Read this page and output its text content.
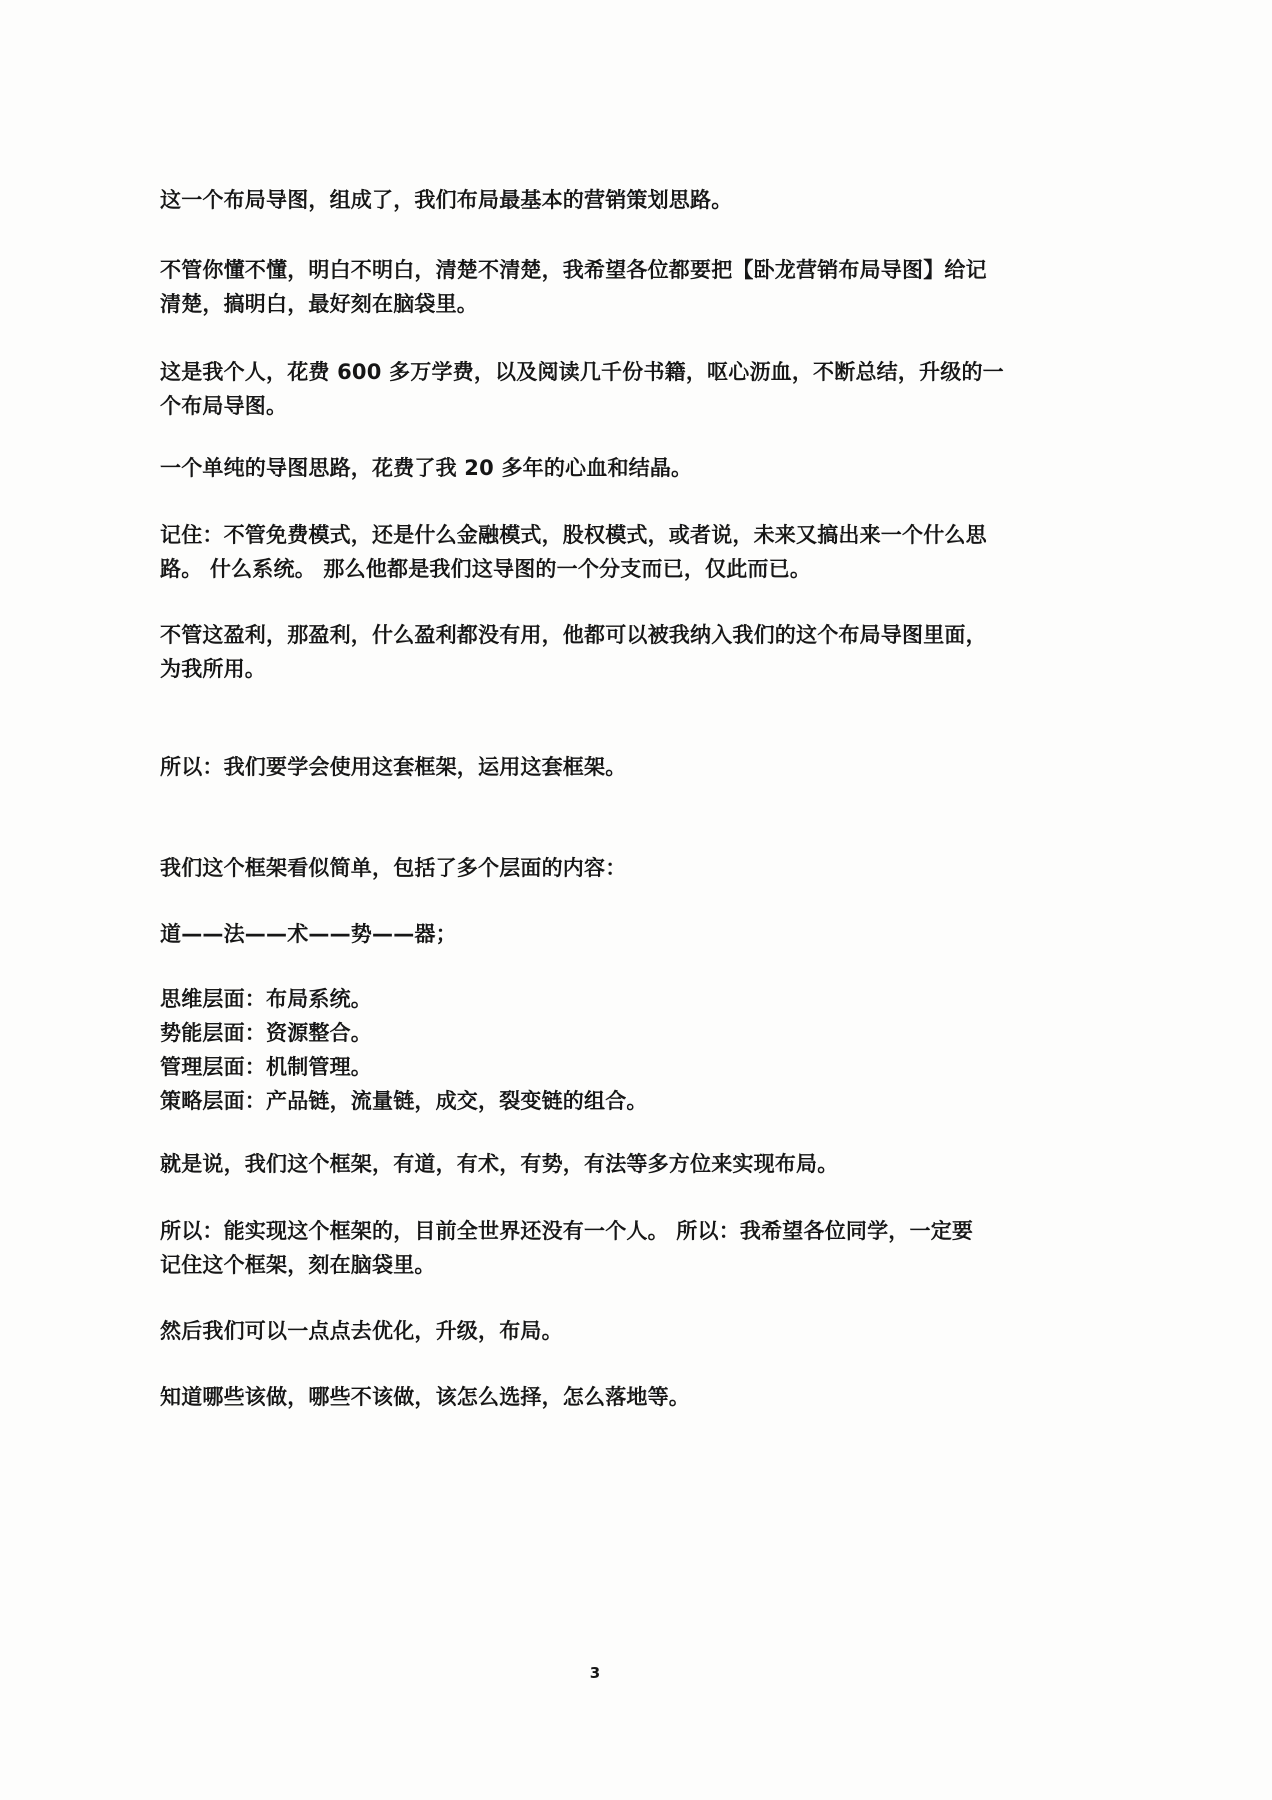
这一个布局导图，组成了，我们布局最基本的营销策划思路。

不管你懂不懂，明白不明白，清楚不清楚，我希望各位都要把【卧龙营销布局导图】给记
清楚，搞明白，最好刻在脑袋里。

这是我个人，花费 600 多万学费，以及阅读几千份书籍，呕心沥血，不断总结，升级的一
个布局导图。

一个单纯的导图思路，花费了我 20 多年的心血和结晶。

记住：不管免费模式，还是什么金融模式，股权模式，或者说，未来又搞出来一个什么思
路。 什么系统。 那么他都是我们这导图的一个分支而已，仅此而已。

不管这盈利，那盈利，什么盈利都没有用，他都可以被我纳入我们的这个布局导图里面，
为我所用。

所以：我们要学会使用这套框架，运用这套框架。

我们这个框架看似简单，包括了多个层面的内容：

道——法——术——势——器；

思维层面：布局系统。
势能层面：资源整合。
管理层面：机制管理。
策略层面：产品链，流量链，成交，裂变链的组合。

就是说，我们这个框架，有道，有术，有势，有法等多方位来实现布局。

所以：能实现这个框架的，目前全世界还没有一个人。 所以：我希望各位同学，一定要
记住这个框架，刻在脑袋里。

然后我们可以一点点去优化，升级，布局。

知道哪些该做，哪些不该做，该怎么选择，怎么落地等。

3
